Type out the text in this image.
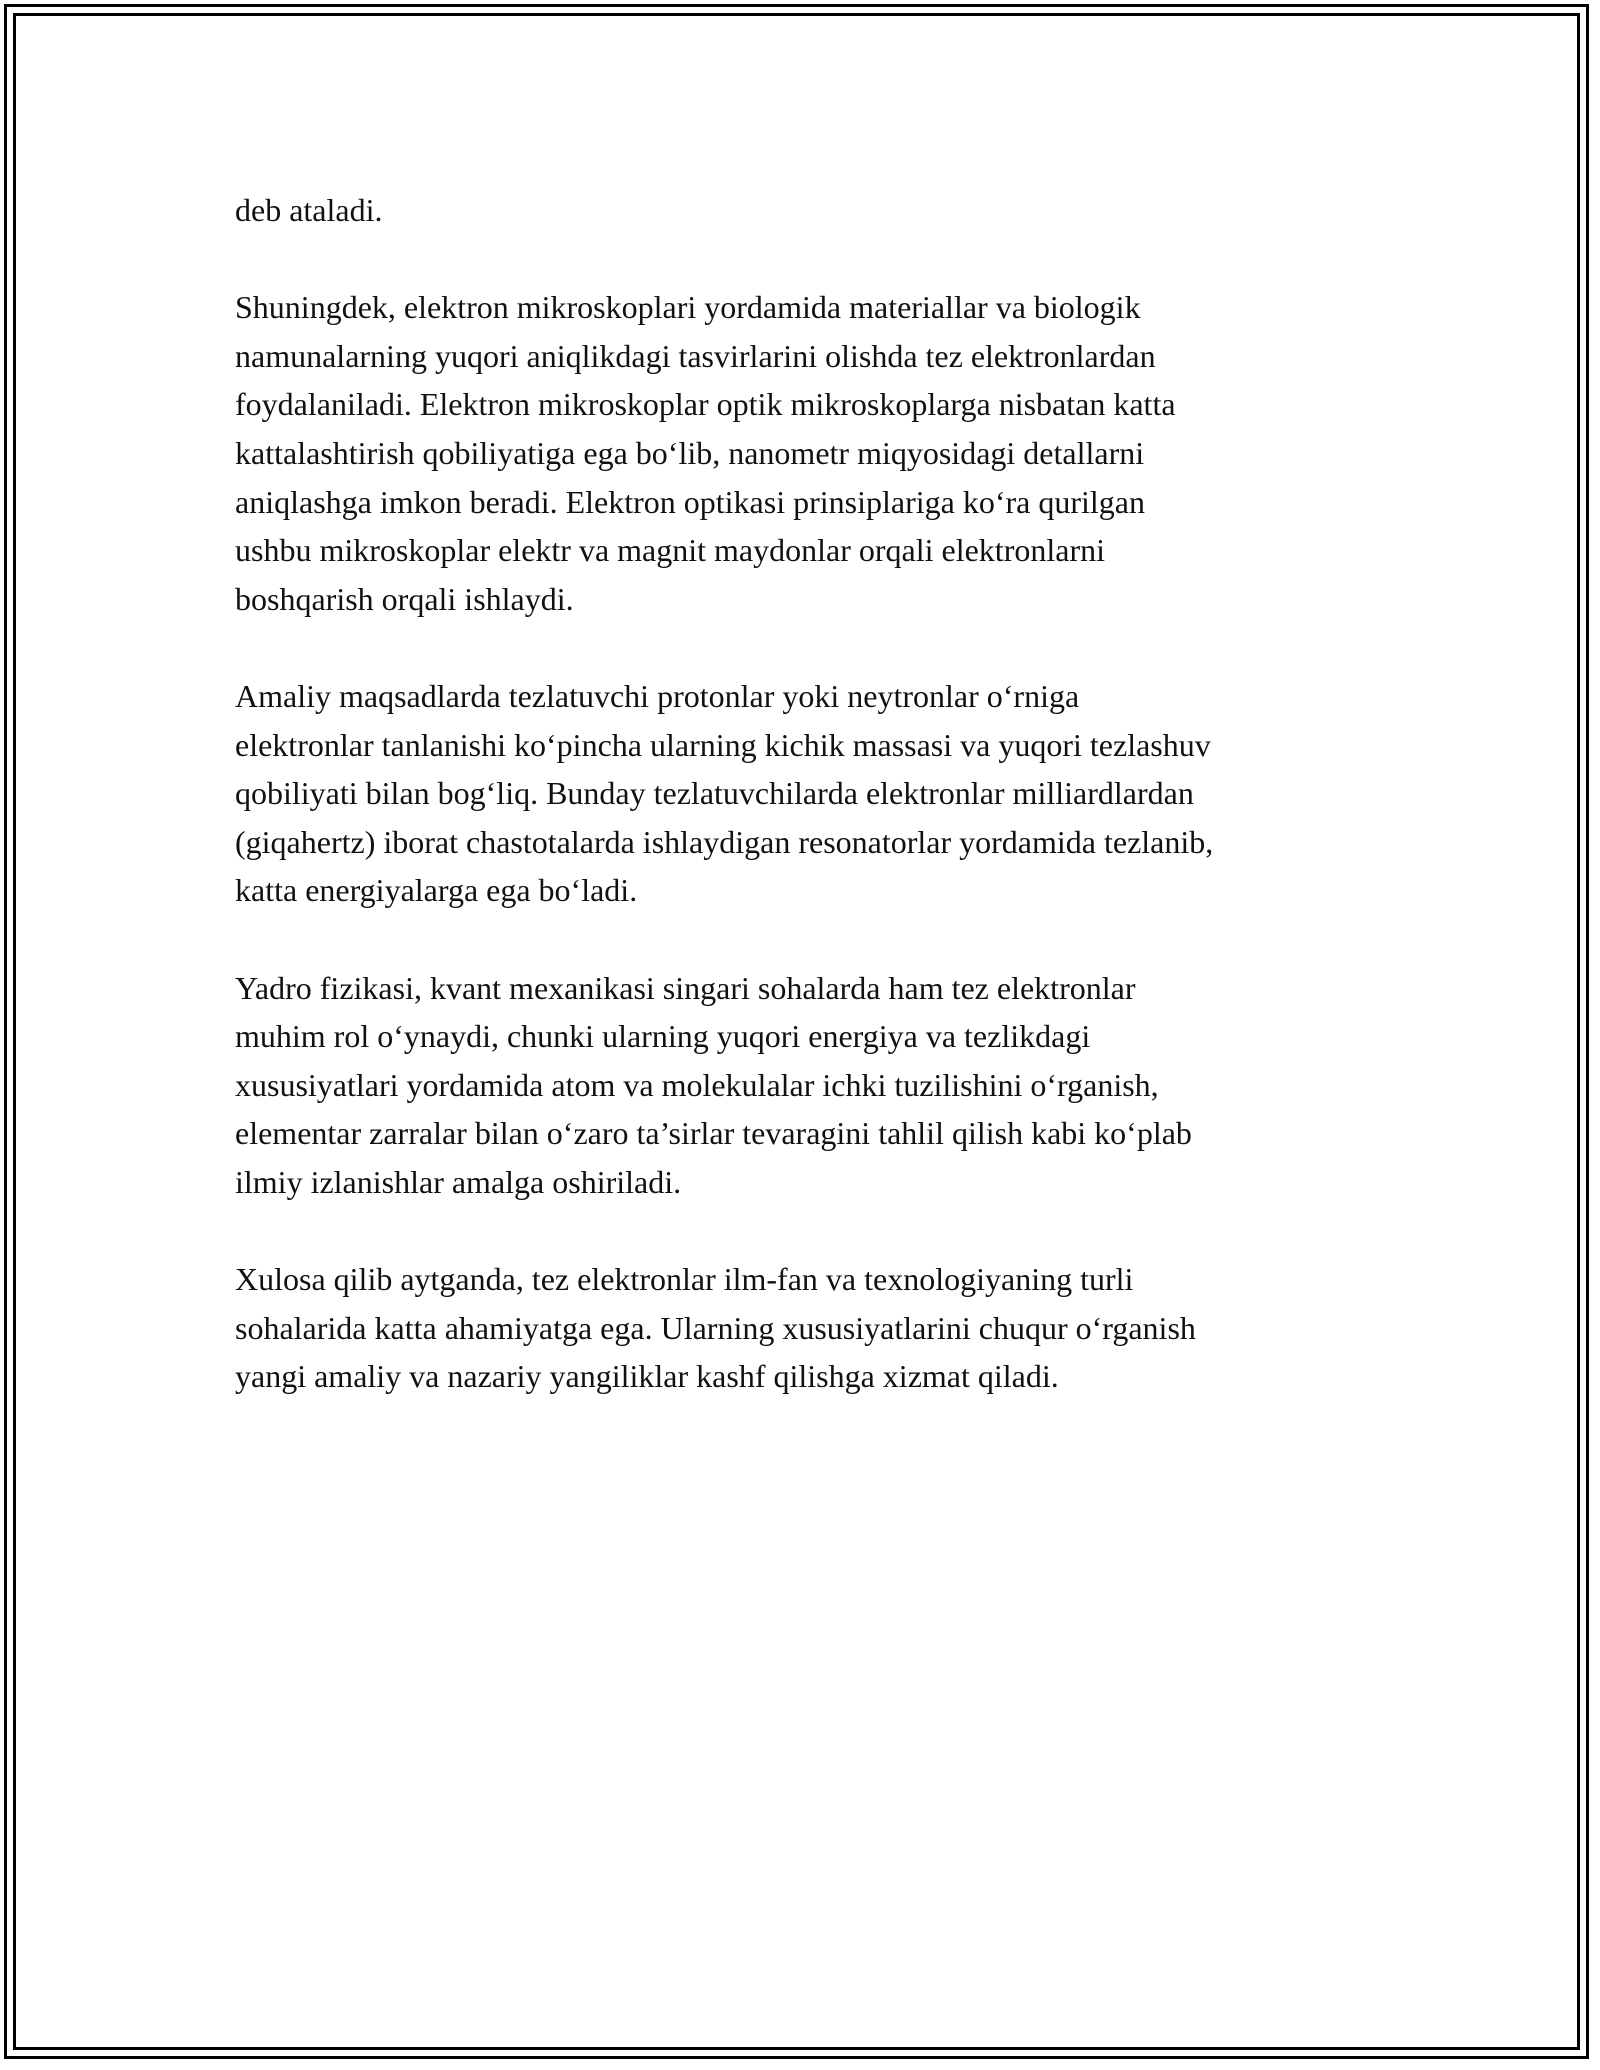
deb ataladi.

Shuningdek, elektron mikroskoplari yordamida materiallar va biologik
namunalarning yuqori aniqlikdagi tasvirlarini olishda tez elektronlardan
foydalaniladi. Elektron mikroskoplar optik mikroskoplarga nisbatan katta
kattalashtirish qobiliyatiga ega bo‘lib, nanometr miqyosidagi detallarni
aniqlashga imkon beradi. Elektron optikasi prinsiplariga ko‘ra qurilgan
ushbu mikroskoplar elektr va magnit maydonlar orqali elektronlarni
boshqarish orqali ishlaydi.

Amaliy maqsadlarda tezlatuvchi protonlar yoki neytronlar o‘rniga
elektronlar tanlanishi ko‘pincha ularning kichik massasi va yuqori tezlashuv
qobiliyati bilan bog‘liq. Bunday tezlatuvchilarda elektronlar milliardlardan
(giqahertz) iborat chastotalarda ishlaydigan resonatorlar yordamida tezlanib,
katta energiyalarga ega bo‘ladi.

Yadro fizikasi, kvant mexanikasi singari sohalarda ham tez elektronlar
muhim rol o‘ynaydi, chunki ularning yuqori energiya va tezlikdagi
xususiyatlari yordamida atom va molekulalar ichki tuzilishini o‘rganish,
elementar zarralar bilan o‘zaro ta’sirlar tevaragini tahlil qilish kabi ko‘plab
ilmiy izlanishlar amalga oshiriladi.

Xulosa qilib aytganda, tez elektronlar ilm-fan va texnologiyaning turli
sohalarida katta ahamiyatga ega. Ularning xususiyatlarini chuqur o‘rganish
yangi amaliy va nazariy yangiliklar kashf qilishga xizmat qiladi.
